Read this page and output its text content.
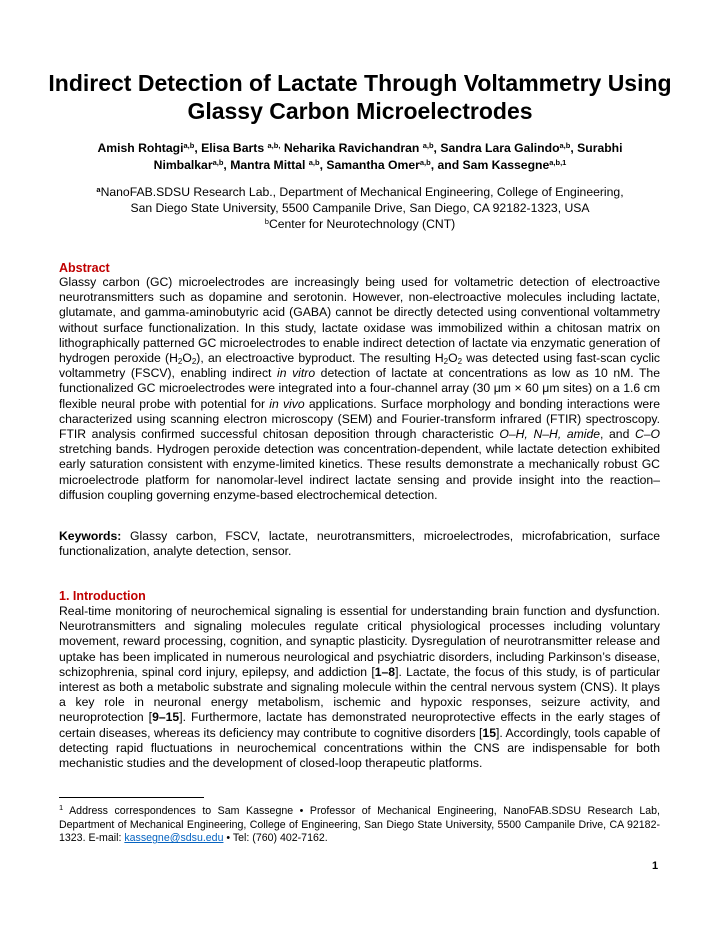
Indirect Detection of Lactate Through Voltammetry Using Glassy Carbon Microelectrodes
Amish Rohtagi$^{a,b}$, Elisa Barts $^{a,b,}$ Neharika Ravichandran $^{a,b}$, Sandra Lara Galindo$^{a,b}$, Surabhi Nimbalkar$^{a,b}$, Mantra Mittal $^{a,b}$, Samantha Omer$^{a,b}$, and Sam Kassegne$^{a,b,1}$
$^a$NanoFAB.SDSU Research Lab., Department of Mechanical Engineering, College of Engineering,
San Diego State University, 5500 Campanile Drive, San Diego, CA 92182-1323, USA
$^b$Center for Neurotechnology (CNT)
Abstract

Glassy carbon (GC) microelectrodes are increasingly being used for voltametric detection of electroactive neurotransmitters such as dopamine and serotonin. However, non-electroactive molecules including lactate, glutamate, and gamma-aminobutyric acid (GABA) cannot be directly detected using conventional voltammetry without surface functionalization. In this study, lactate oxidase was immobilized within a chitosan matrix on lithographically patterned GC microelectrodes to enable indirect detection of lactate via enzymatic generation of hydrogen peroxide $(H_2O_2)$, an electroactive byproduct. The resulting $H_2O_2$ was detected using fast-scan cyclic voltammetry (FSCV), enabling indirect in vitro detection of lactate at concentrations as low as 10 nM. The functionalized GC microelectrodes were integrated into a four-channel array (30 μm × 60 μm sites) on a 1.6 cm flexible neural probe with potential for in vivo applications. Surface morphology and bonding interactions were characterized using scanning electron microscopy (SEM) and Fourier-transform infrared (FTIR) spectroscopy. FTIR analysis confirmed successful chitosan deposition through characteristic O–H, N–H, amide, and C–O stretching bands. Hydrogen peroxide detection was concentration-dependent, while lactate detection exhibited early saturation consistent with enzyme-limited kinetics. These results demonstrate a mechanically robust GC microelectrode platform for nanomolar-level indirect lactate sensing and provide insight into the reaction–diffusion coupling governing enzyme-based electrochemical detection.

Keywords: Glassy carbon, FSCV, lactate, neurotransmitters, microelectrodes, microfabrication, surface functionalization, analyte detection, sensor.

1. Introduction

Real-time monitoring of neurochemical signaling is essential for understanding brain function and dysfunction. Neurotransmitters and signaling molecules regulate critical physiological processes including voluntary movement, reward processing, cognition, and synaptic plasticity. Dysregulation of neurotransmitter release and uptake has been implicated in numerous neurological and psychiatric disorders, including Parkinson’s disease, schizophrenia, spinal cord injury, epilepsy, and addiction [1–8]. Lactate, the focus of this study, is of particular interest as both a metabolic substrate and signaling molecule within the central nervous system (CNS). It plays a key role in neuronal energy metabolism, ischemic and hypoxic responses, seizure activity, and neuroprotection [9–15]. Furthermore, lactate has demonstrated neuroprotective effects in the early stages of certain diseases, whereas its deficiency may contribute to cognitive disorders [15]. Accordingly, tools capable of detecting rapid fluctuations in neurochemical concentrations within the CNS are indispensable for both mechanistic studies and the development of closed-loop therapeutic platforms.

$^1$ Address correspondences to Sam Kassegne • Professor of Mechanical Engineering, NanoFAB.SDSU Research Lab, Department of Mechanical Engineering, College of Engineering, San Diego State University, 5500 Campanile Drive, CA 92182-1323. E-mail: kassegne@sdsu.edu • Tel: (760) 402-7162.

1
